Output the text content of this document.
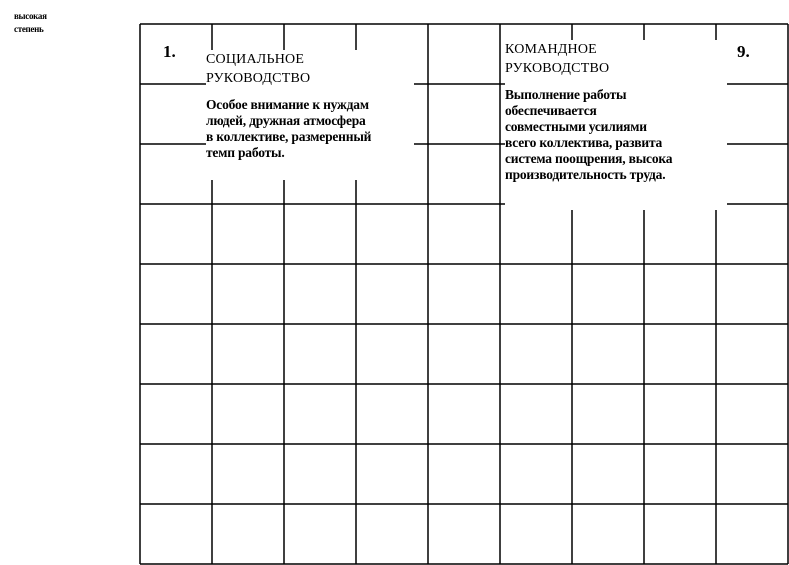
высокая
степень
1.	9.
СОЦИАЛЬНОЕ
РУКОВОДСТВО
Особое внимание к нуждам
людей, дружная атмосфера
в коллективе, размеренный
темп работы.
КОМАНДНОЕ
РУКОВОДСТВО
Выполнение работы
обеспечивается
совместными усилиями
всего коллектива, развита
система поощрения, высока
производительность труда.
